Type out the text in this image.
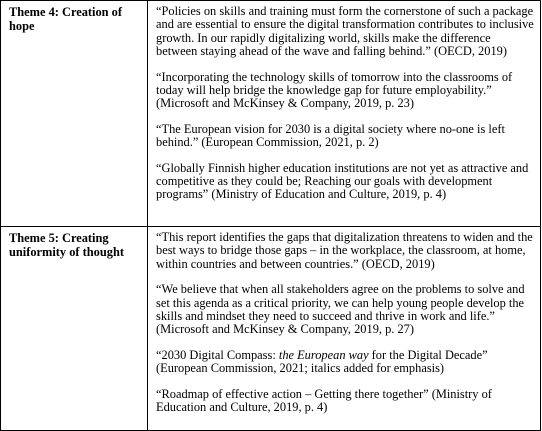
Theme 4: Creation of hope	“Policies on skills and training must form the cornerstone of such a package and are essential to ensure the digital transformation contributes to inclusive growth. In our rapidly digitalizing world, skills make the difference between staying ahead of the wave and falling behind.” (OECD, 2019)

“Incorporating the technology skills of tomorrow into the classrooms of today will help bridge the knowledge gap for future employability.” (Microsoft and McKinsey & Company, 2019, p. 23)

“The European vision for 2030 is a digital society where no-one is left behind.” (European Commission, 2021, p. 2)

“Globally Finnish higher education institutions are not yet as attractive and competitive as they could be; Reaching our goals with development programs” (Ministry of Education and Culture, 2019, p. 4)

Theme 5: Creating uniformity of thought	“This report identifies the gaps that digitalization threatens to widen and the best ways to bridge those gaps – in the workplace, the classroom, at home, within countries and between countries.” (OECD, 2019)

“We believe that when all stakeholders agree on the problems to solve and set this agenda as a critical priority, we can help young people develop the skills and mindset they need to succeed and thrive in work and life.” (Microsoft and McKinsey & Company, 2019, p. 27)

“2030 Digital Compass: the European way for the Digital Decade” (European Commission, 2021; italics added for emphasis)

“Roadmap of effective action – Getting there together” (Ministry of Education and Culture, 2019, p. 4)
